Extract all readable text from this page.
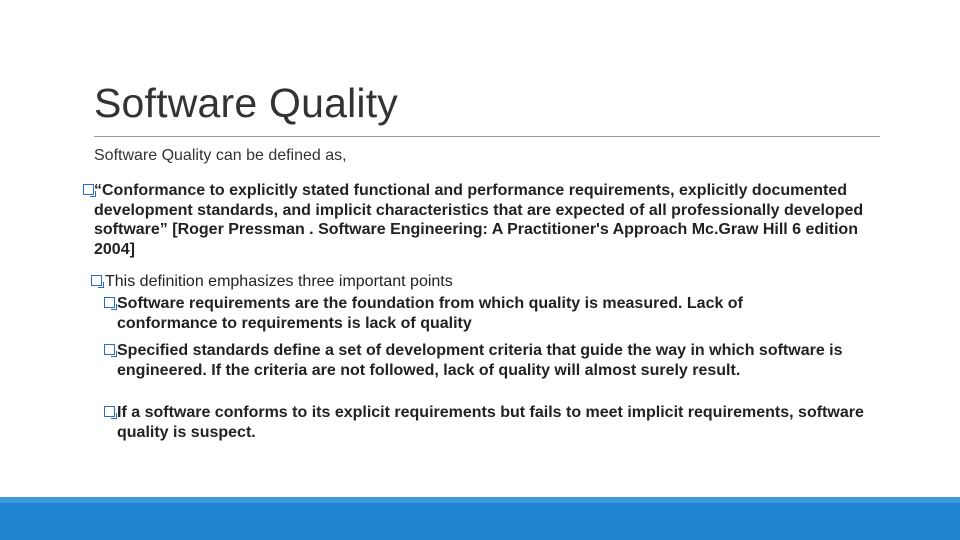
Software Quality
Software Quality can be defined as,
“Conformance to explicitly stated functional and performance requirements, explicitly documented development standards, and implicit characteristics that are expected of all professionally developed software” [Roger Pressman . Software Engineering: A Practitioner's Approach Mc.Graw Hill 6 edition 2004]
This definition emphasizes three important points
Software requirements are the foundation from which quality is measured. Lack of conformance to requirements is lack of quality
Specified standards define a set of development criteria that guide the way in which software is engineered. If the criteria are not followed, lack of quality will almost surely result.
If a software conforms to its explicit requirements but fails to meet implicit requirements, software quality is suspect.
